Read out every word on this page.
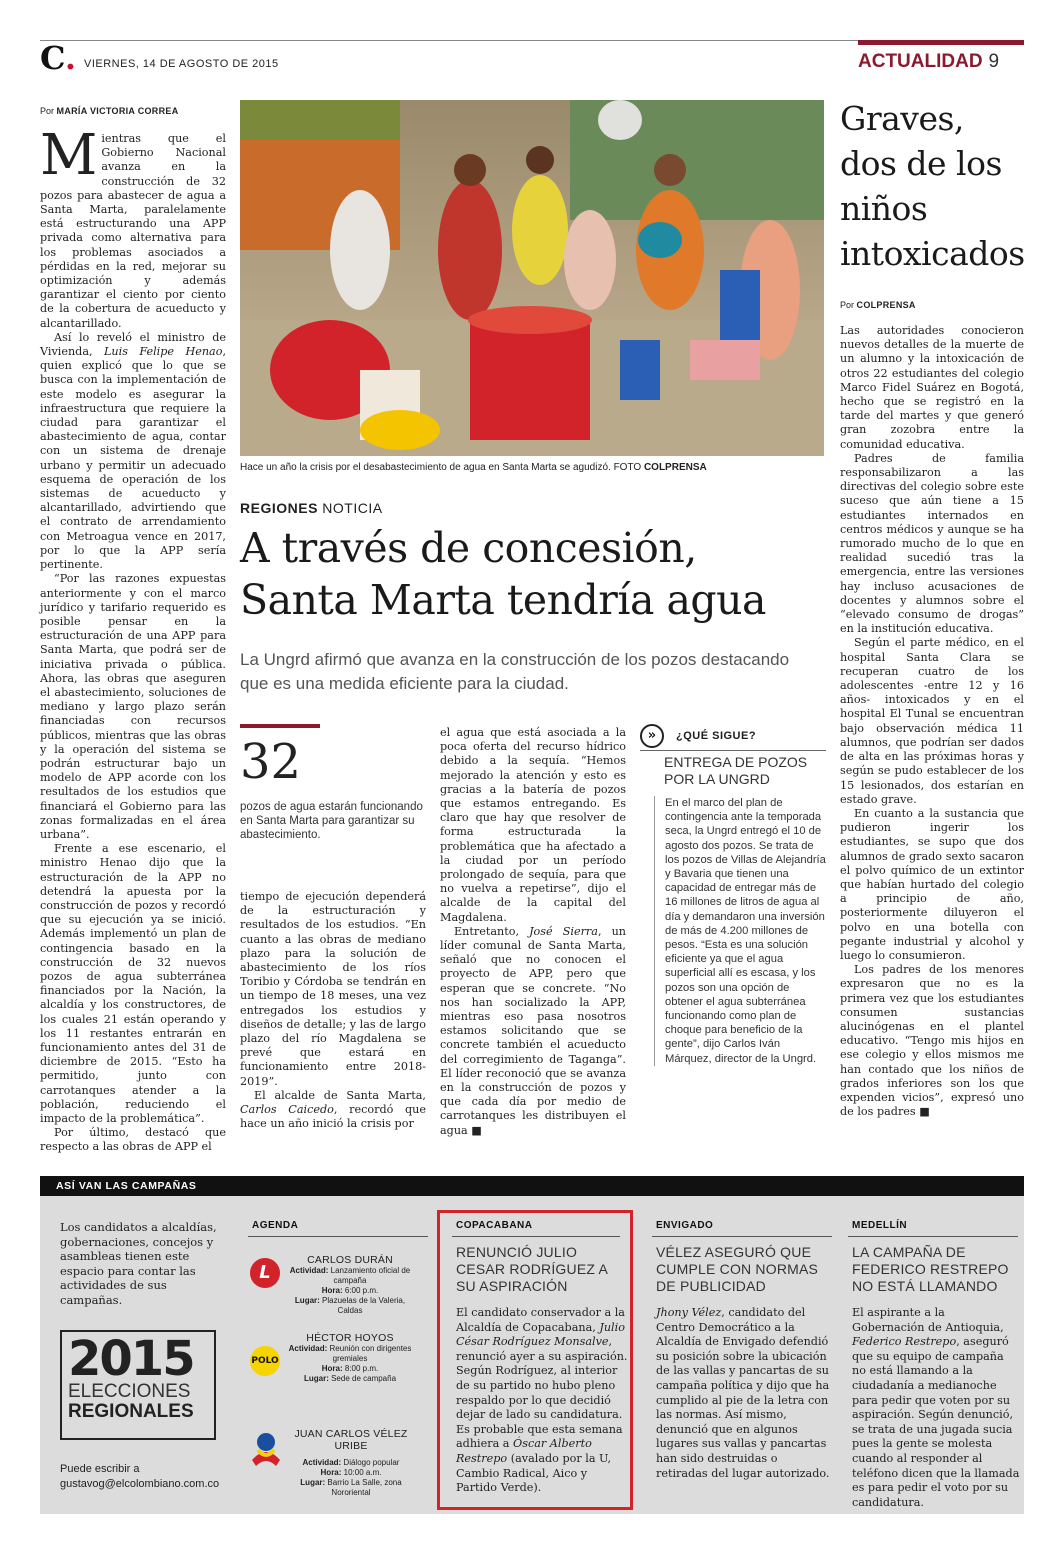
C. VIERNES, 14 DE AGOSTO DE 2015	ACTUALIDAD 9
Por MARÍA VICTORIA CORREA

Mientras que el Gobierno Nacional avanza en la construcción de 32 pozos para abastecer de agua a Santa Marta, paralelamente está estructurando una APP privada como alternativa para los problemas asociados a pérdidas en la red, mejorar su optimización y además garantizar el ciento por ciento de la cobertura de acueducto y alcantarillado.

Así lo reveló el ministro de Vivienda, Luis Felipe Henao, quien explicó que lo que se busca con la implementación de este modelo es asegurar la infraestructura que requiere la ciudad para garantizar el abastecimiento de agua, contar con un sistema de drenaje urbano y permitir un adecuado esquema de operación de los sistemas de acueducto y alcantarillado, advirtiendo que el contrato de arrendamiento con Metroagua vence en 2017, por lo que la APP sería pertinente.

“Por las razones expuestas anteriormente y con el marco jurídico y tarifario requerido es posible pensar en la estructuración de una APP para Santa Marta, que podrá ser de iniciativa privada o pública. Ahora, las obras que aseguren el abastecimiento, soluciones de mediano y largo plazo serán financiadas con recursos públicos, mientras que las obras y la operación del sistema se podrán estructurar bajo un modelo de APP acorde con los resultados de los estudios que financiará el Gobierno para las zonas formalizadas en el área urbana”.

Frente a ese escenario, el ministro Henao dijo que la estructuración de la APP no detendrá la apuesta por la construcción de pozos y recordó que su ejecución ya se inició. Además implementó un plan de contingencia basado en la construcción de 32 nuevos pozos de agua subterránea financiados por la Nación, la alcaldía y los constructores, de los cuales 21 están operando y los 11 restantes entrarán en funcionamiento antes del 31 de diciembre de 2015. “Esto ha permitido, junto con carrotanques atender a la población, reduciendo el impacto de la problemática”.

Por último, destacó que respecto a las obras de APP el

Hace un año la crisis por el desabastecimiento de agua en Santa Marta se agudizó. FOTO COLPRENSA
REGIONES NOTICIA
A través de concesión,
Santa Marta tendría agua
La Ungrd afirmó que avanza en la construcción de los pozos destacando que es una medida eficiente para la ciudad.
32
pozos de agua estarán funcionando en Santa Marta para garantizar su abastecimiento.

tiempo de ejecución dependerá de la estructuración y resultados de los estudios. “En cuanto a las obras de mediano plazo para la solución de abastecimiento de los ríos Toribio y Córdoba se tendrán en un tiempo de 18 meses, una vez entregados los estudios y diseños de detalle; y las de largo plazo del río Magdalena se prevé que estará en funcionamiento entre 2018-2019”.

El alcalde de Santa Marta, Carlos Caicedo, recordó que hace un año inició la crisis por

el agua que está asociada a la poca oferta del recurso hídrico debido a la sequía. “Hemos mejorado la atención y esto es gracias a la batería de pozos que estamos entregando. Es claro que hay que resolver de forma estructurada la problemática que ha afectado a la ciudad por un período prolongado de sequía, para que no vuelva a repetirse”, dijo el alcalde de la capital del Magdalena.

Entretanto, José Sierra, un líder comunal de Santa Marta, señaló que no conocen el proyecto de APP, pero que esperan que se concrete. “No nos han socializado la APP, mientras eso pasa nosotros estamos solicitando que se concrete también el acueducto del corregimiento de Taganga”. El líder reconoció que se avanza en la construcción de pozos y que cada día por medio de carrotanques les distribuyen el agua ■

»	¿QUÉ SIGUE?
ENTREGA DE POZOS POR LA UNGRD
En el marco del plan de contingencia ante la temporada seca, la Ungrd entregó el 10 de agosto dos pozos. Se trata de los pozos de Villas de Alejandría y Bavaria que tienen una capacidad de entregar más de 16 millones de litros de agua al día y demandaron una inversión de más de 4.200 millones de pesos. “Esta es una solución eficiente ya que el agua superficial allí es escasa, y los pozos son una opción de obtener el agua subterránea funcionando como plan de choque para beneficio de la gente”, dijo Carlos Iván Márquez, director de la Ungrd.
Graves, dos de los niños intoxicados
Por COLPRENSA

Las autoridades conocieron nuevos detalles de la muerte de un alumno y la intoxicación de otros 22 estudiantes del colegio Marco Fidel Suárez en Bogotá, hecho que se registró en la tarde del martes y que generó gran zozobra entre la comunidad educativa.

Padres de familia responsabilizaron a las directivas del colegio sobre este suceso que aún tiene a 15 estudiantes internados en centros médicos y aunque se ha rumorado mucho de lo que en realidad sucedió tras la emergencia, entre las versiones hay incluso acusaciones de docentes y alumnos sobre el “elevado consumo de drogas” en la institución educativa.

Según el parte médico, en el hospital Santa Clara se recuperan cuatro de los adolescentes -entre 12 y 16 años- intoxicados y en el hospital El Tunal se encuentran bajo observación médica 11 alumnos, que podrían ser dados de alta en las próximas horas y según se pudo establecer de los 15 lesionados, dos estarían en estado grave.

En cuanto a la sustancia que pudieron ingerir los estudiantes, se supo que dos alumnos de grado sexto sacaron el polvo químico de un extintor que habían hurtado del colegio a principio de año, posteriormente diluyeron el polvo en una botella con pegante industrial y alcohol y luego lo consumieron.

Los padres de los menores expresaron que no es la primera vez que los estudiantes consumen sustancias alucinógenas en el plantel educativo. “Tengo mis hijos en ese colegio y ellos mismos me han contado que los niños de grados inferiores son los que expenden vicios”, expresó uno de los padres ■

ASÍ VAN LAS CAMPAÑAS
Los candidatos a alcaldías, gobernaciones, concejos y asambleas tienen este espacio para contar las actividades de sus campañas.
2015
ELECCIONES
REGIONALES
Puede escribir a
gustavog@elcolombiano.com.co
AGENDA
L
CARLOS DURÁN
Actividad: Lanzamiento oficial de campaña
Hora: 6:00 p.m.
Lugar: Plazuelas de la Valeria, Caldas
POLO
HÉCTOR HOYOS
Actividad: Reunión con dirigentes gremiales
Hora: 8:00 p.m.
Lugar: Sede de campaña
JUAN CARLOS VÉLEZ URIBE
Actividad: Diálogo popular
Hora: 10:00 a.m.
Lugar: Barrio La Salle, zona Nororiental
COPACABANA
RENUNCIÓ JULIO CESAR RODRÍGUEZ A SU ASPIRACIÓN
El candidato conservador a la Alcaldía de Copacabana, Julio César Rodríguez Monsalve, renunció ayer a su aspiración. Según Rodríguez, al interior de su partido no hubo pleno respaldo por lo que decidió dejar de lado su candidatura. Es probable que esta semana adhiera a Óscar Alberto Restrepo (avalado por la U, Cambio Radical, Aico y Partido Verde).
ENVIGADO
VÉLEZ ASEGURÓ QUE CUMPLE CON NORMAS DE PUBLICIDAD
Jhony Vélez, candidato del Centro Democrático a la Alcaldía de Envigado defendió su posición sobre la ubicación de las vallas y pancartas de su campaña política y dijo que ha cumplido al pie de la letra con las normas. Así mismo, denunció que en algunos lugares sus vallas y pancartas han sido destruidas o retiradas del lugar autorizado.
MEDELLÍN
LA CAMPAÑA DE FEDERICO RESTREPO NO ESTÁ LLAMANDO
El aspirante a la Gobernación de Antioquia, Federico Restrepo, aseguró que su equipo de campaña no está llamando a la ciudadanía a medianoche para pedir que voten por su aspiración. Según denunció, se trata de una jugada sucia pues la gente se molesta cuando al responder al teléfono dicen que la llamada es para pedir el voto por su candidatura.
